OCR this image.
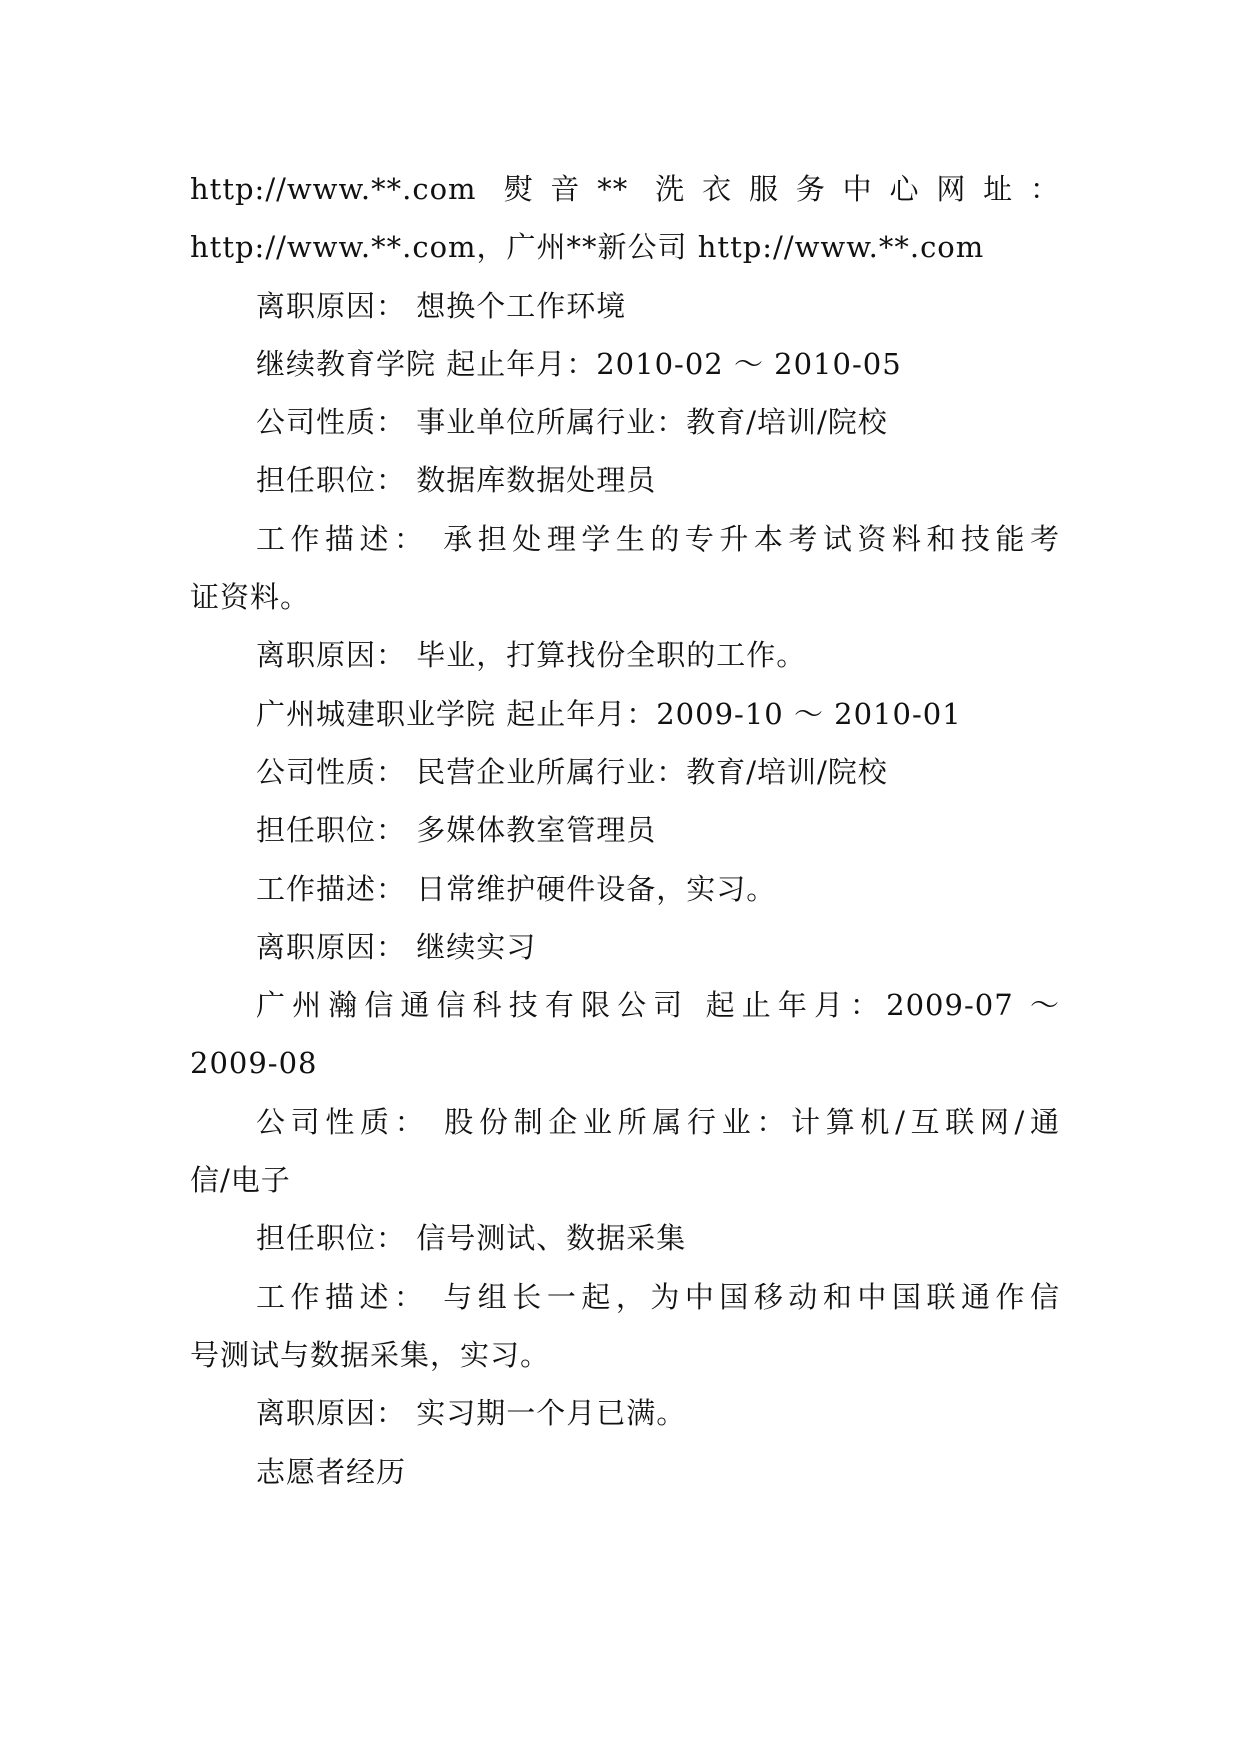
http://www.**.com 熨音** 洗衣服务中心网址：
http://www.**.com，广州**新公司 http://www.**.com
离职原因： 想换个工作环境
继续教育学院 起止年月：2010-02 ～ 2010-05
公司性质： 事业单位所属行业：教育/培训/院校
担任职位： 数据库数据处理员
工作描述： 承担处理学生的专升本考试资料和技能考
证资料。
离职原因： 毕业，打算找份全职的工作。
广州城建职业学院 起止年月：2009-10 ～ 2010-01
公司性质： 民营企业所属行业：教育/培训/院校
担任职位： 多媒体教室管理员
工作描述： 日常维护硬件设备，实习。
离职原因： 继续实习
广州瀚信通信科技有限公司 起止年月：2009-07 ～
2009-08
公司性质： 股份制企业所属行业：计算机/互联网/通
信/电子
担任职位： 信号测试、数据采集
工作描述： 与组长一起，为中国移动和中国联通作信
号测试与数据采集，实习。
离职原因： 实习期一个月已满。
志愿者经历
